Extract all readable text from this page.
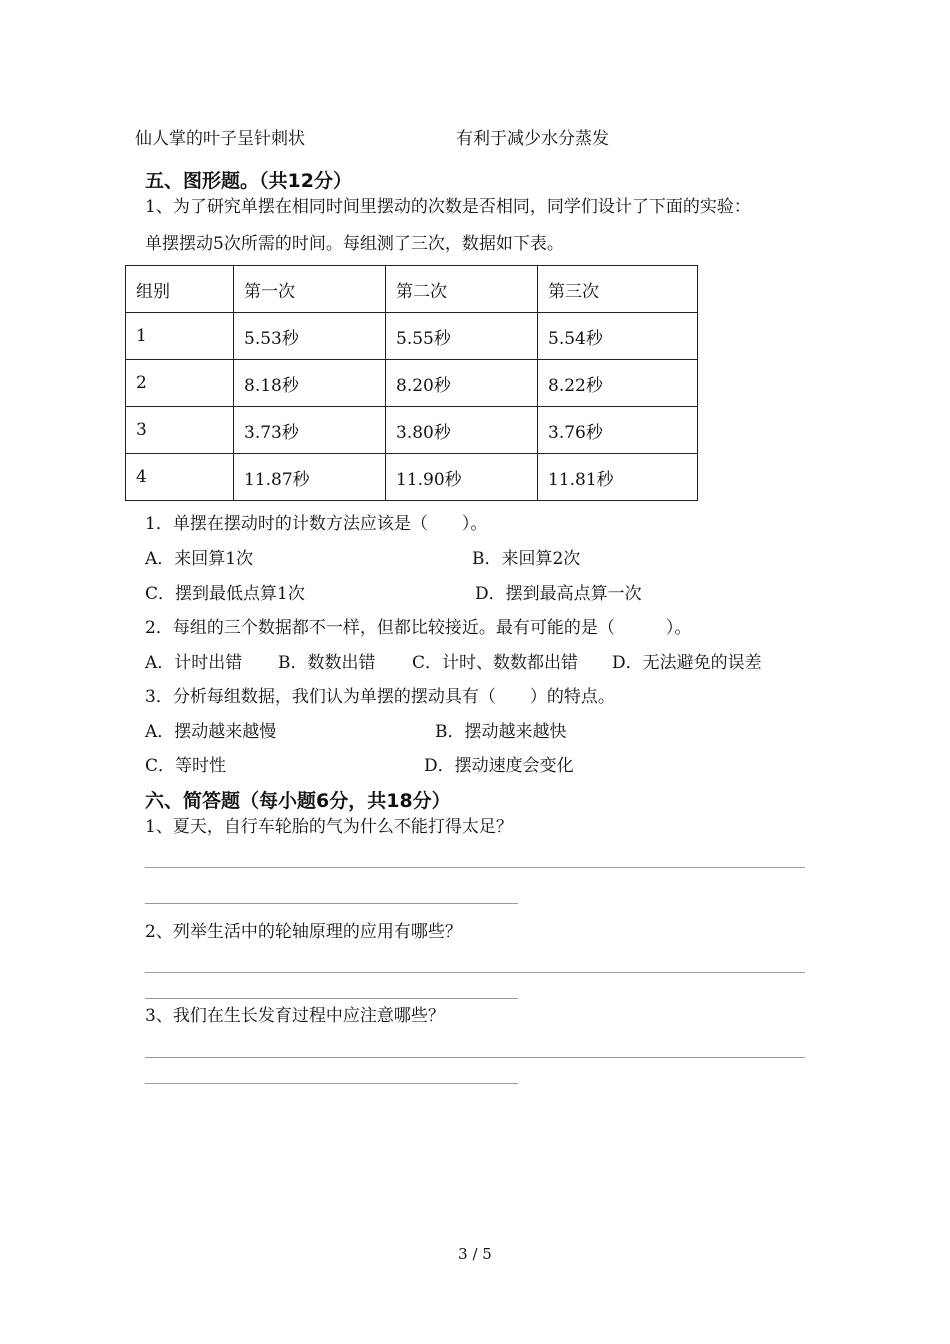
仙人掌的叶子呈针刺状	有利于减少水分蒸发
五、图形题。（共12分）
1、为了研究单摆在相同时间里摆动的次数是否相同，同学们设计了下面的实验：
单摆摆动5次所需的时间。每组测了三次，数据如下表。
组别	第一次	第二次	第三次
1	5.53秒	5.55秒	5.54秒
2	8.18秒	8.20秒	8.22秒
3	3.73秒	3.80秒	3.76秒
4	11.87秒	11.90秒	11.81秒
1．单摆在摆动时的计数方法应该是（　　）。
A．来回算1次	B．来回算2次
C．摆到最低点算1次	D．摆到最高点算一次
2．每组的三个数据都不一样，但都比较接近。最有可能的是（　　　）。
A．计时出错 B．数数出错 C．计时、数数都出错 D．无法避免的误差
3．分析每组数据，我们认为单摆的摆动具有（　　）的特点。
A．摆动越来越慢	B．摆动越来越快
C．等时性	D．摆动速度会变化
六、简答题（每小题6分，共18分）
1、夏天，自行车轮胎的气为什么不能打得太足？
2、列举生活中的轮轴原理的应用有哪些？
3、我们在生长发育过程中应注意哪些？
3 / 5
